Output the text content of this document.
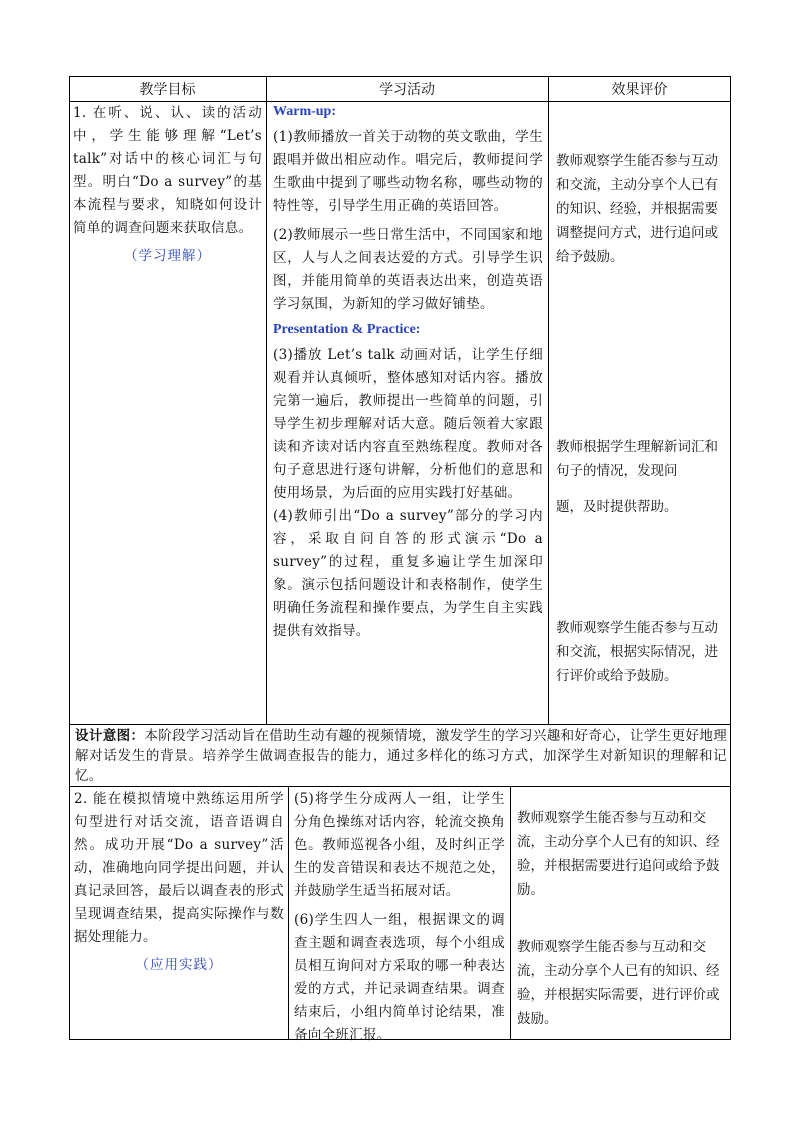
教学目标	学习活动	效果评价

1. 在听、说、认、读的活动中，学生能够理解“Let’s talk”对话中的核心词汇与句型。明白“Do a survey”的基本流程与要求，知晓如何设计简单的调查问题来获取信息。

（学习理解）
Warm-up:

(1)教师播放一首关于动物的英文歌曲，学生跟唱并做出相应动作。唱完后，教师提问学生歌曲中提到了哪些动物名称，哪些动物的特性等，引导学生用正确的英语回答。

(2)教师展示一些日常生活中，不同国家和地区，人与人之间表达爱的方式。引导学生识图，并能用简单的英语表达出来，创造英语学习氛围，为新知的学习做好铺垫。

Presentation & Practice:

(3)播放 Let’s talk 动画对话，让学生仔细观看并认真倾听，整体感知对话内容。播放完第一遍后，教师提出一些简单的问题，引导学生初步理解对话大意。随后领着大家跟读和齐读对话内容直至熟练程度。教师对各句子意思进行逐句讲解，分析他们的意思和使用场景，为后面的应用实践打好基础。

(4)教师引出“Do a survey”部分的学习内容，采取自问自答的形式演示“Do a survey”的过程，重复多遍让学生加深印象。演示包括问题设计和表格制作，使学生明确任务流程和操作要点，为学生自主实践提供有效指导。

教师观察学生能否参与互动和交流，主动分享个人已有的知识、经验，并根据需要调整提问方式，进行追问或给予鼓励。

教师根据学生理解新词汇和句子的情况，发现问

题，及时提供帮助。

教师观察学生能否参与互动和交流，根据实际情况，进行评价或给予鼓励。

设计意图：本阶段学习活动旨在借助生动有趣的视频情境，激发学生的学习兴趣和好奇心，让学生更好地理解对话发生的背景。培养学生做调查报告的能力，通过多样化的练习方式，加深学生对新知识的理解和记忆。

2. 能在模拟情境中熟练运用所学句型进行对话交流，语音语调自然。成功开展“Do a survey”活动，准确地向同学提出问题，并认真记录回答，最后以调查表的形式呈现调查结果，提高实际操作与数据处理能力。

（应用实践）

(5)将学生分成两人一组，让学生分角色操练对话内容，轮流交换角色。教师巡视各小组，及时纠正学生的发音错误和表达不规范之处，并鼓励学生适当拓展对话。

(6)学生四人一组，根据课文的调查主题和调查表选项，每个小组成员相互询问对方采取的哪一种表达爱的方式，并记录调查结果。调查结束后，小组内简单讨论结果，准备向全班汇报。

教师观察学生能否参与互动和交流，主动分享个人已有的知识、经验，并根据需要进行追问或给予鼓励。

教师观察学生能否参与互动和交流，主动分享个人已有的知识、经验，并根据实际需要，进行评价或鼓励。
